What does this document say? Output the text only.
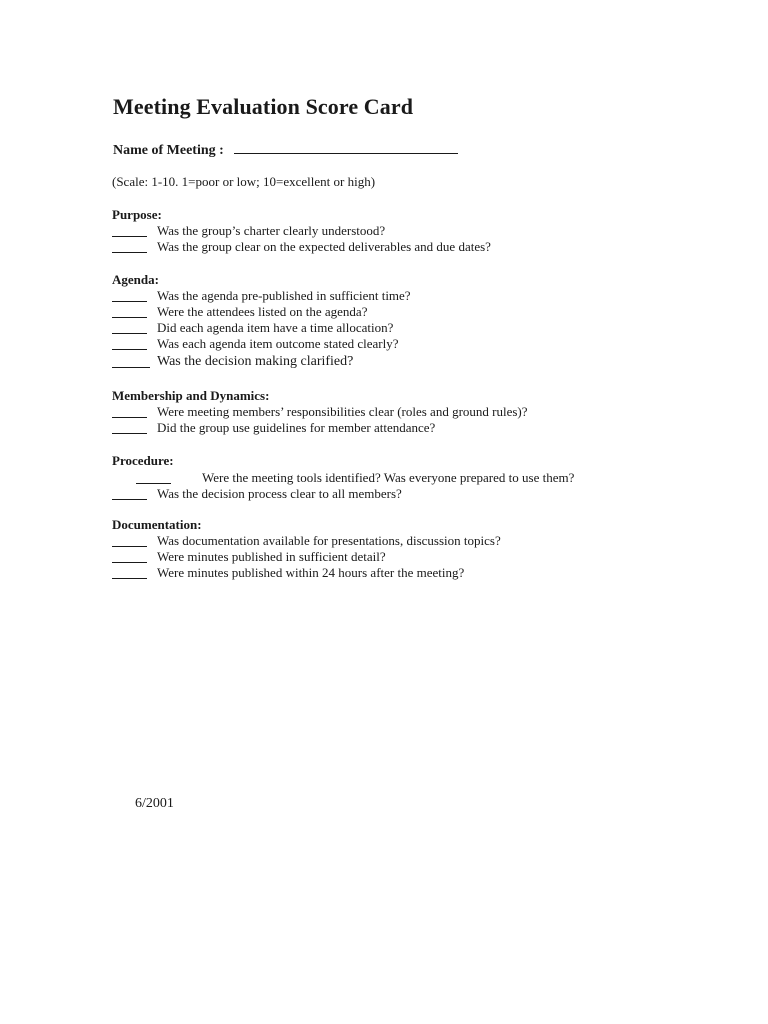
Meeting Evaluation Score Card
Name of Meeting :
(Scale: 1-10. 1=poor or low; 10=excellent or high)
Purpose:
Was the group’s charter clearly understood?
Was the group clear on the expected deliverables and due dates?
Agenda:
Was the agenda pre-published in sufficient time?
Were the attendees listed on the agenda?
Did each agenda item have a time allocation?
Was each agenda item outcome stated clearly?
Was the decision making clarified?
Membership and Dynamics:
Were meeting members’ responsibilities clear (roles and ground rules)?
Did the group use guidelines for member attendance?
Procedure:
Were the meeting tools identified? Was everyone prepared to use them?
Was the decision process clear to all members?
Documentation:
Was documentation available for presentations, discussion topics?
Were minutes published in sufficient detail?
Were minutes published within 24 hours after the meeting?
6/2001
